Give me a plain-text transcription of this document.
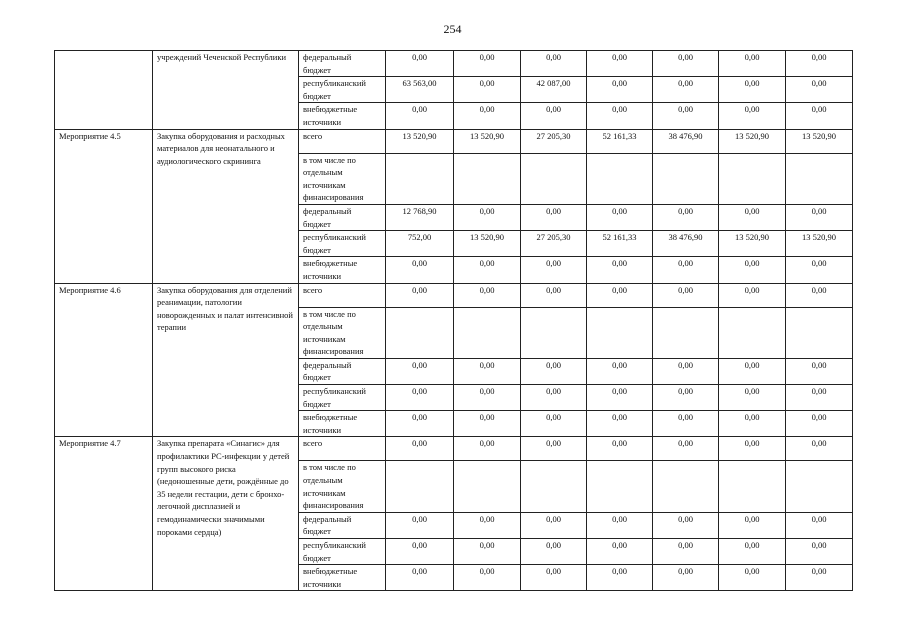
254
	учреждений Чеченской Республики	федеральный бюджет	0,00	0,00	0,00	0,00	0,00	0,00	0,00
		республиканский бюджет	63 563,00	0,00	42 087,00	0,00	0,00	0,00	0,00
		внебюджетные источники	0,00	0,00	0,00	0,00	0,00	0,00	0,00
Мероприятие 4.5	Закупка оборудования и расходных материалов для неонатального и аудиологического скрининга	всего	13 520,90	13 520,90	27 205,30	52 161,33	38 476,90	13 520,90	13 520,90
		в том числе по отдельным источникам финансирования							
		федеральный бюджет	12 768,90	0,00	0,00	0,00	0,00	0,00	0,00
		республиканский бюджет	752,00	13 520,90	27 205,30	52 161,33	38 476,90	13 520,90	13 520,90
		внебюджетные источники	0,00	0,00	0,00	0,00	0,00	0,00	0,00
Мероприятие 4.6	Закупка оборудования для отделений реанимации, патологии новорожденных и палат интенсивной терапии	всего	0,00	0,00	0,00	0,00	0,00	0,00	0,00
		в том числе по отдельным источникам финансирования							
		федеральный бюджет	0,00	0,00	0,00	0,00	0,00	0,00	0,00
		республиканский бюджет	0,00	0,00	0,00	0,00	0,00	0,00	0,00
		внебюджетные источники	0,00	0,00	0,00	0,00	0,00	0,00	0,00
Мероприятие 4.7	Закупка препарата «Синагис» для профилактики РС-инфекции у детей групп высокого риска (недоношенные дети, рождённые до 35 недели гестации, дети с бронхо-легочной дисплазией и гемодинамически значимыми пороками сердца)	всего	0,00	0,00	0,00	0,00	0,00	0,00	0,00
		в том числе по отдельным источникам финансирования							
		федеральный бюджет	0,00	0,00	0,00	0,00	0,00	0,00	0,00
		республиканский бюджет	0,00	0,00	0,00	0,00	0,00	0,00	0,00
		внебюджетные источники	0,00	0,00	0,00	0,00	0,00	0,00	0,00
